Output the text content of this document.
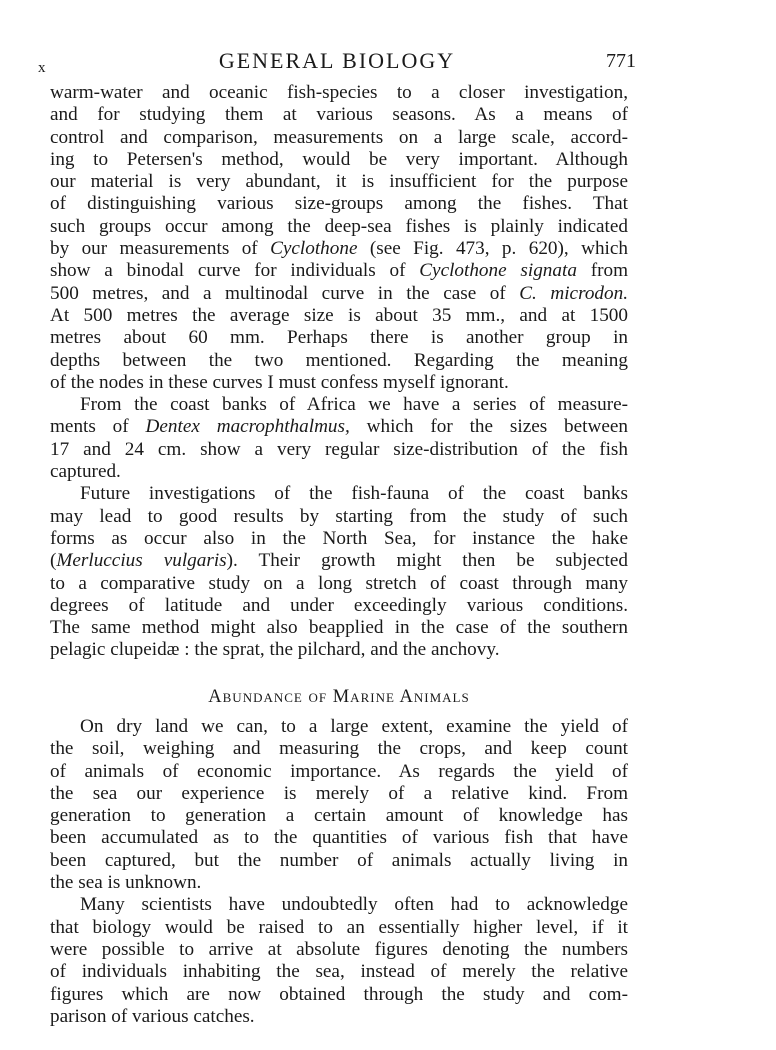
x	GENERAL BIOLOGY	771
warm-water and oceanic fish-species to a closer investigation,
and for studying them at various seasons. As a means of
control and comparison, measurements on a large scale, accord-
ing to Petersen's method, would be very important. Although
our material is very abundant, it is insufficient for the purpose
of distinguishing various size-groups among the fishes. That
such groups occur among the deep-sea fishes is plainly indicated
by our measurements of Cyclothone (see Fig. 473, p. 620), which
show a binodal curve for individuals of Cyclothone signata from
500 metres, and a multinodal curve in the case of C. microdon.
At 500 metres the average size is about 35 mm., and at 1500
metres about 60 mm. Perhaps there is another group in
depths between the two mentioned. Regarding the meaning
of the nodes in these curves I must confess myself ignorant.
From the coast banks of Africa we have a series of measure-
ments of Dentex macrophthalmus, which for the sizes between
17 and 24 cm. show a very regular size-distribution of the fish
captured.
Future investigations of the fish-fauna of the coast banks
may lead to good results by starting from the study of such
forms as occur also in the North Sea, for instance the hake
(Merluccius vulgaris). Their growth might then be subjected
to a comparative study on a long stretch of coast through many
degrees of latitude and under exceedingly various conditions.
The same method might also beapplied in the case of the southern
pelagic clupeidæ : the sprat, the pilchard, and the anchovy.
Abundance of Marine Animals
On dry land we can, to a large extent, examine the yield of
the soil, weighing and measuring the crops, and keep count
of animals of economic importance. As regards the yield of
the sea our experience is merely of a relative kind. From
generation to generation a certain amount of knowledge has
been accumulated as to the quantities of various fish that have
been captured, but the number of animals actually living in
the sea is unknown.
Many scientists have undoubtedly often had to acknowledge
that biology would be raised to an essentially higher level, if it
were possible to arrive at absolute figures denoting the numbers
of individuals inhabiting the sea, instead of merely the relative
figures which are now obtained through the study and com-
parison of various catches.
